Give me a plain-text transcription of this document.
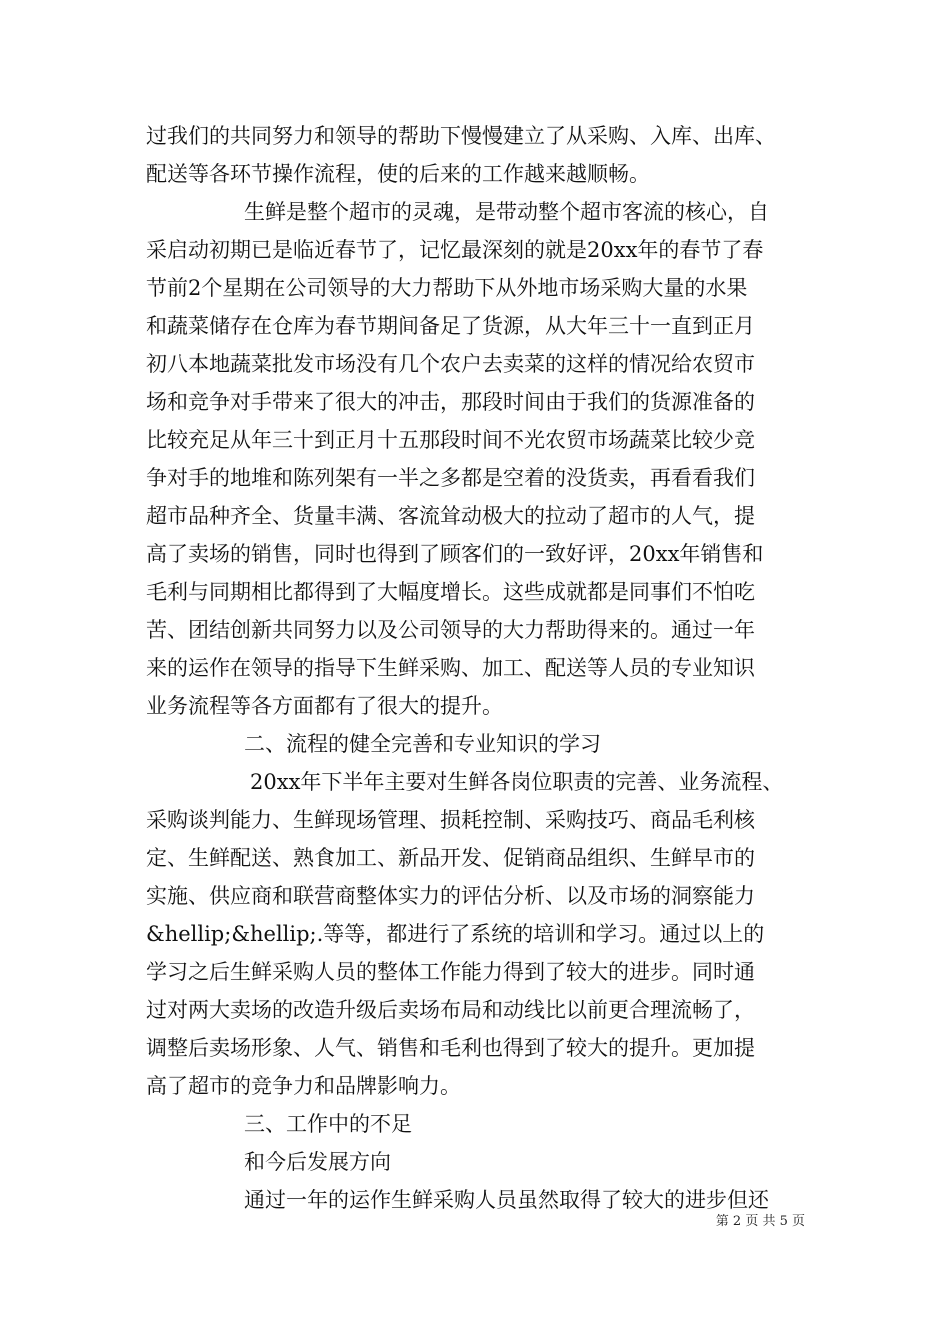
过我们的共同努力和领导的帮助下慢慢建立了从采购、入库、出库、
配送等各环节操作流程，使的后来的工作越来越顺畅。
生鲜是整个超市的灵魂，是带动整个超市客流的核心，自
采启动初期已是临近春节了，记忆最深刻的就是20xx年的春节了春
节前2个星期在公司领导的大力帮助下从外地市场采购大量的水果
和蔬菜储存在仓库为春节期间备足了货源，从大年三十一直到正月
初八本地蔬菜批发市场没有几个农户去卖菜的这样的情况给农贸市
场和竞争对手带来了很大的冲击，那段时间由于我们的货源准备的
比较充足从年三十到正月十五那段时间不光农贸市场蔬菜比较少竞
争对手的地堆和陈列架有一半之多都是空着的没货卖，再看看我们
超市品种齐全、货量丰满、客流耸动极大的拉动了超市的人气，提
高了卖场的销售，同时也得到了顾客们的一致好评，20xx年销售和
毛利与同期相比都得到了大幅度增长。这些成就都是同事们不怕吃
苦、团结创新共同努力以及公司领导的大力帮助得来的。通过一年
来的运作在领导的指导下生鲜采购、加工、配送等人员的专业知识
业务流程等各方面都有了很大的提升。
二、流程的健全完善和专业知识的学习
20xx年下半年主要对生鲜各岗位职责的完善、业务流程、
采购谈判能力、生鲜现场管理、损耗控制、采购技巧、商品毛利核
定、生鲜配送、熟食加工、新品开发、促销商品组织、生鲜早市的
实施、供应商和联营商整体实力的评估分析、以及市场的洞察能力
&hellip;&hellip;.等等，都进行了系统的培训和学习。通过以上的
学习之后生鲜采购人员的整体工作能力得到了较大的进步。同时通
过对两大卖场的改造升级后卖场布局和动线比以前更合理流畅了，
调整后卖场形象、人气、销售和毛利也得到了较大的提升。更加提
高了超市的竞争力和品牌影响力。
三、工作中的不足
和今后发展方向
通过一年的运作生鲜采购人员虽然取得了较大的进步但还
第 2 页 共 5 页
